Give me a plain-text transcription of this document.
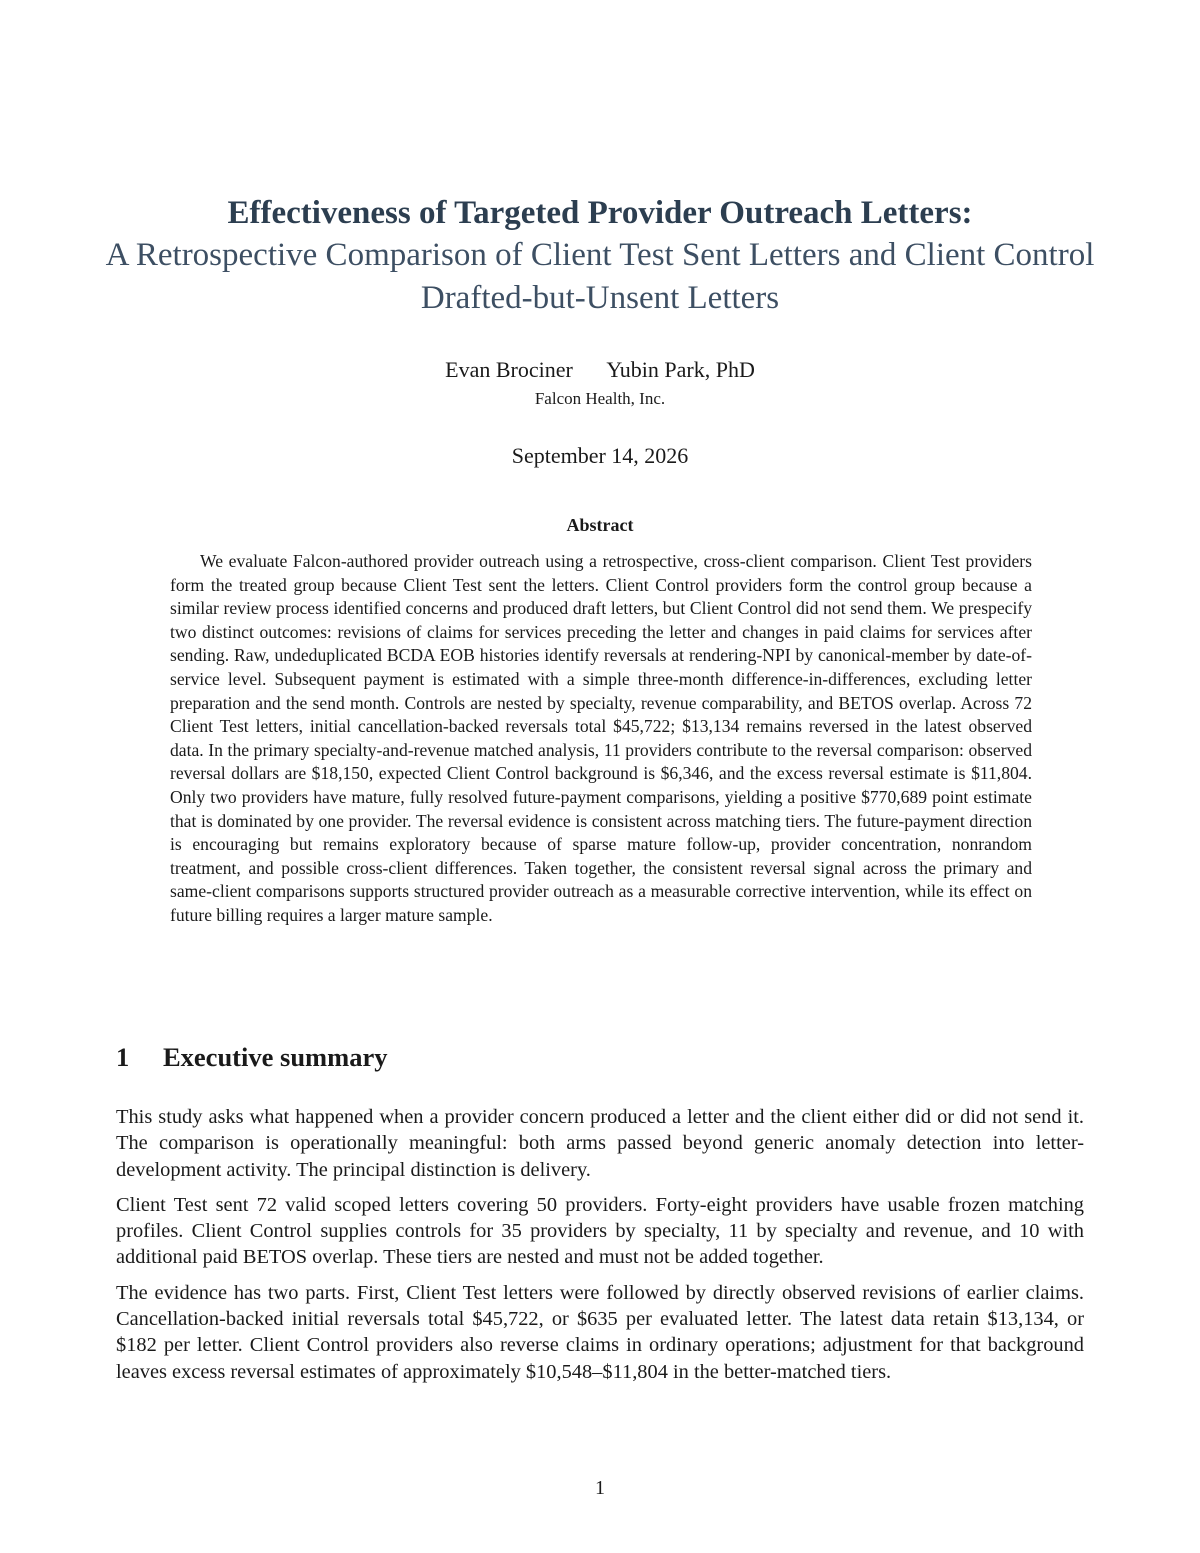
Effectiveness of Targeted Provider Outreach Letters:

A Retrospective Comparison of Client Test Sent Letters and Client Control Drafted-but-Unsent Letters

Evan Brociner Yubin Park, PhD
Falcon Health, Inc.
September 14, 2026
Abstract

We evaluate Falcon-authored provider outreach using a retrospective, cross-client comparison. Client Test providers form the treated group because Client Test sent the letters. Client Control providers form the control group because a similar review process identified concerns and produced draft letters, but Client Control did not send them. We prespecify two distinct outcomes: revisions of claims for services preceding the letter and changes in paid claims for services after sending. Raw, undeduplicated BCDA EOB histories identify reversals at rendering-NPI by canonical-member by date-of-service level. Subsequent payment is estimated with a simple three-month difference-in-differences, excluding letter preparation and the send month. Controls are nested by specialty, revenue comparability, and BETOS overlap. Across 72 Client Test letters, initial cancellation-backed reversals total $45,722; $13,134 remains reversed in the latest observed data. In the primary specialty-and-revenue matched analysis, 11 providers contribute to the reversal comparison: observed reversal dollars are $18,150, expected Client Control background is $6,346, and the excess reversal estimate is $11,804. Only two providers have mature, fully resolved future-payment comparisons, yielding a positive $770,689 point estimate that is dominated by one provider. The reversal evidence is consistent across matching tiers. The future-payment direction is encouraging but remains exploratory because of sparse mature follow-up, provider concentration, nonrandom treatment, and possible cross-client differences. Taken together, the consistent reversal signal across the primary and same-client comparisons supports structured provider outreach as a measurable corrective intervention, while its effect on future billing requires a larger mature sample.

1 Executive summary

This study asks what happened when a provider concern produced a letter and the client either did or did not send it. The comparison is operationally meaningful: both arms passed beyond generic anomaly detection into letter-development activity. The principal distinction is delivery.

Client Test sent 72 valid scoped letters covering 50 providers. Forty-eight providers have usable frozen matching profiles. Client Control supplies controls for 35 providers by specialty, 11 by specialty and revenue, and 10 with additional paid BETOS overlap. These tiers are nested and must not be added together.

The evidence has two parts. First, Client Test letters were followed by directly observed revisions of earlier claims. Cancellation-backed initial reversals total $45,722, or $635 per evaluated letter. The latest data retain $13,134, or $182 per letter. Client Control providers also reverse claims in ordinary operations; adjustment for that background leaves excess reversal estimates of approximately $10,548–$11,804 in the better-matched tiers.

1
